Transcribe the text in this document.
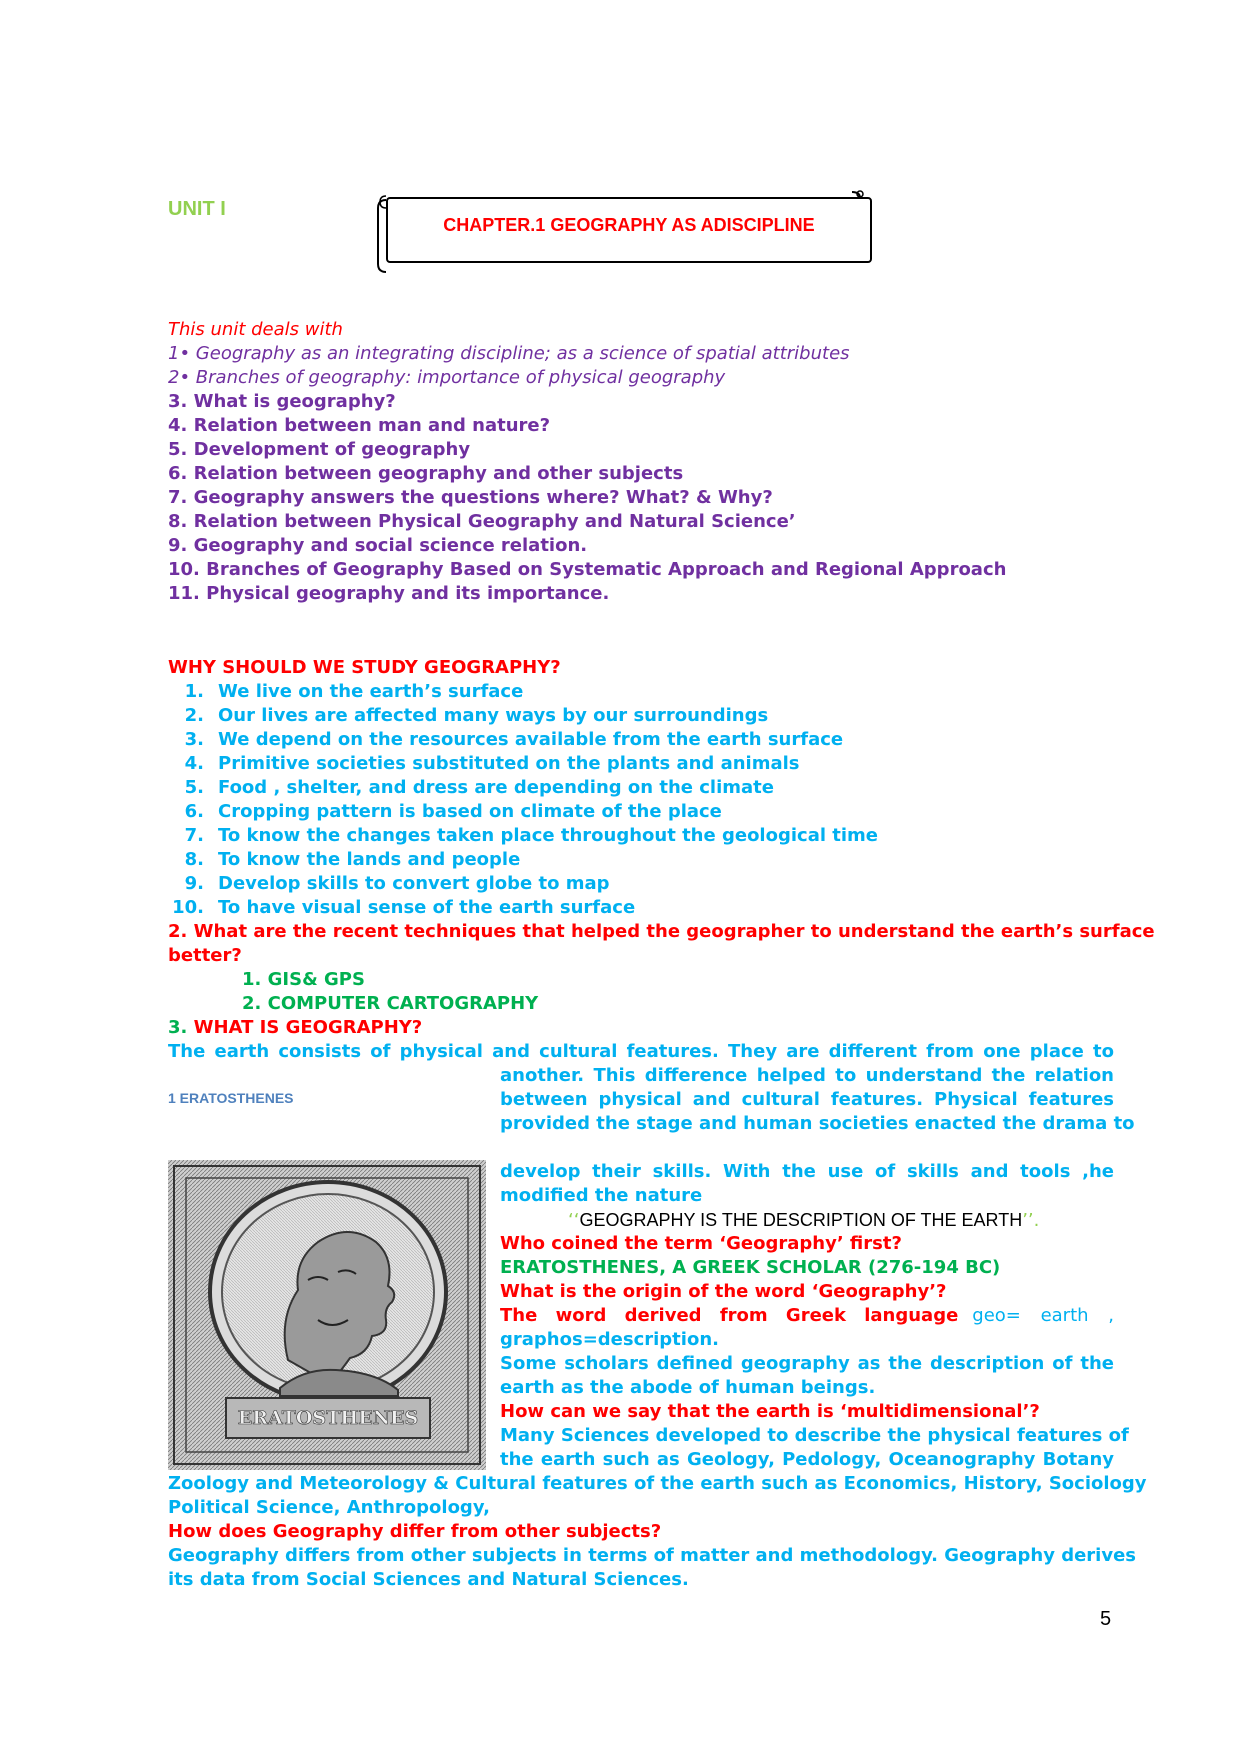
UNIT I
CHAPTER.1 GEOGRAPHY AS ADISCIPLINE
This unit deals with
1• Geography as an integrating discipline; as a science of spatial attributes
2• Branches of geography: importance of physical geography
3. What is geography?
4. Relation between man and nature?
5. Development of geography
6. Relation between geography and other subjects
7. Geography answers the questions where? What? & Why?
8. Relation between Physical Geography and Natural Science’
9. Geography and social science relation.
10. Branches of Geography Based on Systematic Approach and Regional Approach
11. Physical geography and its importance.
WHY SHOULD WE STUDY GEOGRAPHY?
1. We live on the earth’s surface
2. Our lives are affected many ways by our surroundings
3. We depend on the resources available from the earth surface
4. Primitive societies substituted on the plants and animals
5. Food , shelter, and dress are depending on the climate
6. Cropping pattern is based on climate of the place
7. To know the changes taken place throughout the geological time
8. To know the lands and people
9. Develop skills to convert globe to map
10. To have visual sense of the earth surface
2. What are the recent techniques that helped the geographer to understand the earth’s surface
better?
1. GIS& GPS
2. COMPUTER CARTOGRAPHY
3. WHAT IS GEOGRAPHY?
The earth consists of physical and cultural features. They are different from one place to
another. This difference helped to understand the relation
between physical and cultural features. Physical features
provided the stage and human societies enacted the drama to
develop their skills. With the use of skills and tools ,he
modified the nature
1 ERATOSTHENES
ERATOSTHENES
‘‘GEOGRAPHY IS THE DESCRIPTION OF THE EARTH’’.
Who coined the term ‘Geography’ first?
ERATOSTHENES, A GREEK SCHOLAR (276-194 BC)
What is the origin of the word ‘Geography’?
The word derived from Greek language geo= earth ,
graphos=description.
Some scholars defined geography as the description of the
earth as the abode of human beings.
How can we say that the earth is ‘multidimensional’?
Many Sciences developed to describe the physical features of
the earth such as Geology, Pedology, Oceanography Botany
Zoology and Meteorology & Cultural features of the earth such as Economics, History, Sociology
Political Science, Anthropology,
How does Geography differ from other subjects?
Geography differs from other subjects in terms of matter and methodology. Geography derives
its data from Social Sciences and Natural Sciences.
5
